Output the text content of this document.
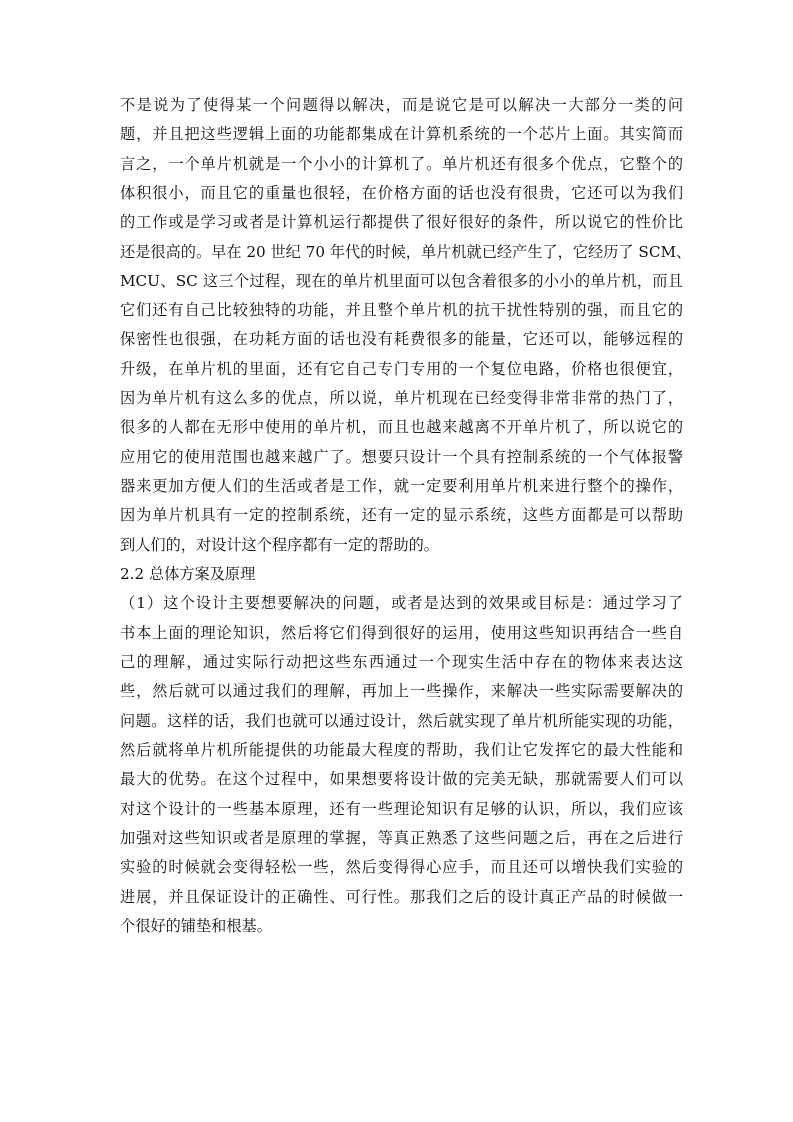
不是说为了使得某一个问题得以解决，而是说它是可以解决一大部分一类的问
题，并且把这些逻辑上面的功能都集成在计算机系统的一个芯片上面。其实简而
言之，一个单片机就是一个小小的计算机了。单片机还有很多个优点，它整个的
体积很小，而且它的重量也很轻，在价格方面的话也没有很贵，它还可以为我们
的工作或是学习或者是计算机运行都提供了很好很好的条件，所以说它的性价比
还是很高的。早在 20 世纪 70 年代的时候，单片机就已经产生了，它经历了 SCM、
MCU、SC 这三个过程，现在的单片机里面可以包含着很多的小小的单片机，而且
它们还有自己比较独特的功能，并且整个单片机的抗干扰性特别的强，而且它的
保密性也很强，在功耗方面的话也没有耗费很多的能量，它还可以，能够远程的
升级，在单片机的里面，还有它自己专门专用的一个复位电路，价格也很便宜，
因为单片机有这么多的优点，所以说，单片机现在已经变得非常非常的热门了，
很多的人都在无形中使用的单片机，而且也越来越离不开单片机了，所以说它的
应用它的使用范围也越来越广了。想要只设计一个具有控制系统的一个气体报警
器来更加方便人们的生活或者是工作，就一定要利用单片机来进行整个的操作，
因为单片机具有一定的控制系统，还有一定的显示系统，这些方面都是可以帮助
到人们的，对设计这个程序都有一定的帮助的。
2.2 总体方案及原理
（1）这个设计主要想要解决的问题，或者是达到的效果或目标是：通过学习了
书本上面的理论知识，然后将它们得到很好的运用，使用这些知识再结合一些自
己的理解，通过实际行动把这些东西通过一个现实生活中存在的物体来表达这
些，然后就可以通过我们的理解，再加上一些操作，来解决一些实际需要解决的
问题。这样的话，我们也就可以通过设计，然后就实现了单片机所能实现的功能，
然后就将单片机所能提供的功能最大程度的帮助，我们让它发挥它的最大性能和
最大的优势。在这个过程中，如果想要将设计做的完美无缺，那就需要人们可以
对这个设计的一些基本原理，还有一些理论知识有足够的认识，所以，我们应该
加强对这些知识或者是原理的掌握，等真正熟悉了这些问题之后，再在之后进行
实验的时候就会变得轻松一些，然后变得得心应手，而且还可以增快我们实验的
进展，并且保证设计的正确性、可行性。那我们之后的设计真正产品的时候做一
个很好的铺垫和根基。
